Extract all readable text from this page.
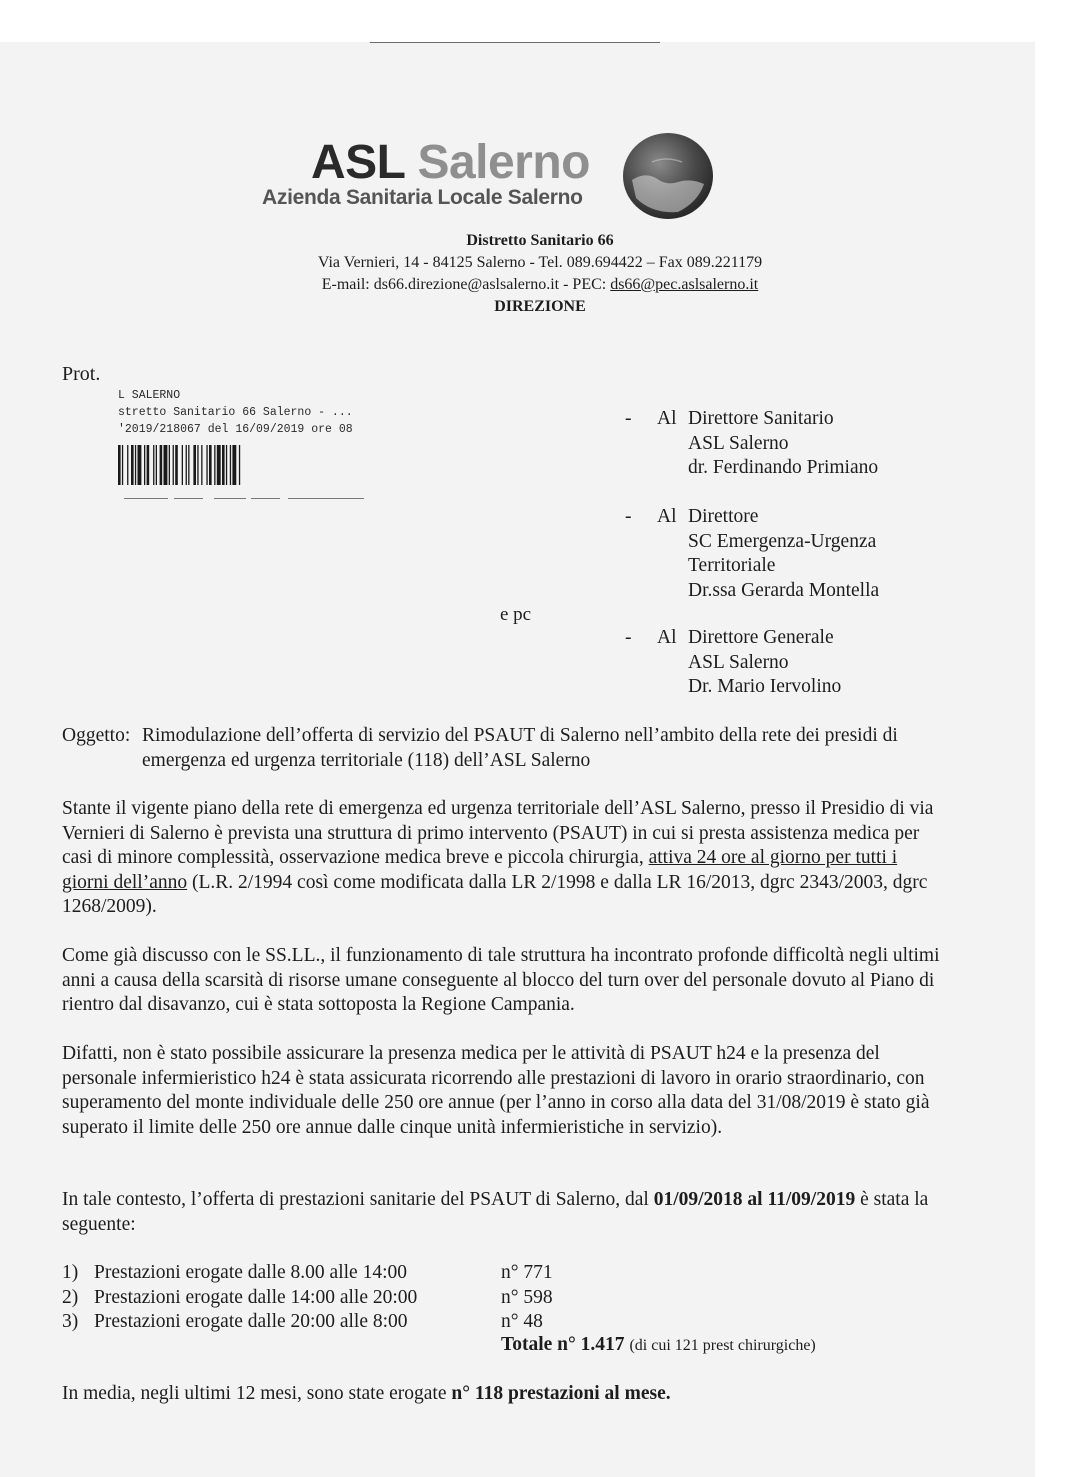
ASL Salerno
Azienda Sanitaria Locale Salerno
Distretto Sanitario 66
Via Vernieri, 14 - 84125 Salerno - Tel. 089.694422 – Fax 089.221179
E-mail: ds66.direzione@aslsalerno.it - PEC: ds66@pec.aslsalerno.it
DIREZIONE
Prot.
L SALERNO
stretto Sanitario 66 Salerno - ...
'2019/218067 del 16/09/2019 ore 08
- Al Direttore Sanitario
ASL Salerno
dr. Ferdinando Primiano
- Al Direttore
SC Emergenza-Urgenza
Territoriale
Dr.ssa Gerarda Montella
e pc
- Al Direttore Generale
ASL Salerno
Dr. Mario Iervolino
Oggetto: Rimodulazione dell’offerta di servizio del PSAUT di Salerno nell’ambito della rete dei presidi di emergenza ed urgenza territoriale (118) dell’ASL Salerno

Stante il vigente piano della rete di emergenza ed urgenza territoriale dell’ASL Salerno, presso il Presidio di via Vernieri di Salerno è prevista una struttura di primo intervento (PSAUT) in cui si presta assistenza medica per casi di minore complessità, osservazione medica breve e piccola chirurgia, attiva 24 ore al giorno per tutti i giorni dell’anno (L.R. 2/1994 così come modificata dalla LR 2/1998 e dalla LR 16/2013, dgrc 2343/2003, dgrc 1268/2009).

Come già discusso con le SS.LL., il funzionamento di tale struttura ha incontrato profonde difficoltà negli ultimi anni a causa della scarsità di risorse umane conseguente al blocco del turn over del personale dovuto al Piano di rientro dal disavanzo, cui è stata sottoposta la Regione Campania.

Difatti, non è stato possibile assicurare la presenza medica per le attività di PSAUT h24 e la presenza del personale infermieristico h24 è stata assicurata ricorrendo alle prestazioni di lavoro in orario straordinario, con superamento del monte individuale delle 250 ore annue (per l’anno in corso alla data del 31/08/2019 è stato già superato il limite delle 250 ore annue dalle cinque unità infermieristiche in servizio).

In tale contesto, l’offerta di prestazioni sanitarie del PSAUT di Salerno, dal 01/09/2018 al 11/09/2019 è stata la seguente:

1) Prestazioni erogate dalle 8.00 alle 14:00	n° 771
2) Prestazioni erogate dalle 14:00 alle 20:00	n° 598
3) Prestazioni erogate dalle 20:00 alle 8:00	n° 48
Totale n° 1.417 (di cui 121 prest chirurgiche)
In media, negli ultimi 12 mesi, sono state erogate n° 118 prestazioni al mese.
